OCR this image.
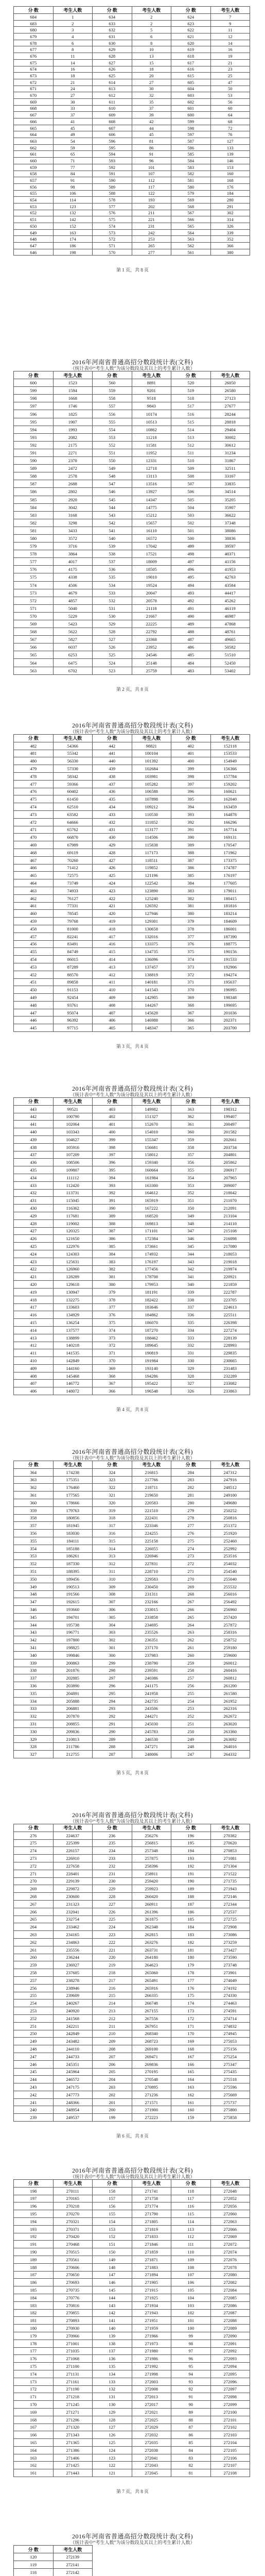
分 数	考生人数	分 数	考生人数	分 数	考生人数
684	1	634	2	624	7
683	2	633	2	623	9
680	3	632	5	622	11
679	4	631	6	621	12
678	6	630	8	620	14
677	8	629	10	619	16
676	11	628	13	618	19
675	14	627	15	617	21
674	16	626	18	616	23
673	18	625	20	615	25
672	21	614	27	605	47
671	24	613	30	604	50
670	27	612	32	603	53
669	30	611	35	602	56
668	33	610	37	601	60
667	37	609	39	600	64
666	41	608	42	599	68
665	45	607	44	598	72
664	49	606	45	597	76
663	54	596	81	587	127
662	59	595	86	586	133
661	65	594	91	585	139
660	71	593	96	584	146
659	77	592	101	583	153
658	84	591	107	582	160
657	91	590	112	581	168
656	98	589	117	580	176
655	106	588	122	579	184
654	114	578	193	569	280
653	123	577	202	568	291
652	132	576	211	567	302
651	142	575	221	566	314
650	152	574	231	565	326
649	163	573	242	564	339
648	174	572	253	563	352
647	186	571	265	562	366
646	198	570	277	561	380
第 1 页，共 8 页
2016年河南省普通高招分数段统计表(文科)
（统计表中“考生人数”为该分数段及其以上的考生累计人数）
分 数	考生人数	分 数	考生人数	分 数	考生人数
600	1523	560	8891	520	26050
599	1594	559	9201	519	26580
598	1668	558	9518	518	27123
597	1746	557	9843	517	27677
596	1825	556	10174	516	28244
595	1907	555	10513	515	28818
594	1993	554	10862	514	29404
593	2082	553	11218	513	30002
592	2175	552	11581	512	30612
591	2271	551	11952	511	31234
590	2370	550	12331	510	31867
589	2472	549	12718	509	32511
588	2578	548	13113	508	33167
587	2688	547	13516	507	33835
586	2802	546	13927	506	34514
585	2920	545	14347	505	35205
584	3042	544	14775	504	35907
583	3168	543	15212	503	36622
582	3298	542	15657	502	37348
581	3433	541	16110	501	38086
580	3572	540	16572	500	38836
579	3716	539	17042	499	39597
578	3864	538	17521	498	40371
577	4017	537	18009	497	41156
576	4175	536	18505	496	41953
575	4338	535	19010	495	42763
574	4506	534	19524	494	43584
573	4679	533	20047	493	44417
572	4857	532	20578	492	45262
571	5040	531	21118	491	46119
570	5229	530	21667	490	46987
569	5423	529	22225	489	47868
568	5622	528	22792	488	48761
567	5827	527	23368	487	49665
566	6037	526	23952	486	50582
565	6253	525	24546	485	51510
564	6475	524	25148	484	52450
563	6702	523	25759	483	53402
第 2 页，共 8 页
2016年河南省普通高招分数段统计表(文科)
（统计表中“考生人数”为该分数段及其以上的考生累计人数）
分 数	考生人数	分 数	考生人数	分 数	考生人数
482	54366	442	98821	402	152118
481	55342	441	100104	401	153533
480	56330	440	101392	400	154949
479	57330	439	102684	399	156366
478	58342	438	103981	398	157784
477	59366	437	105282	397	159202
476	60402	436	106588	396	160621
475	61450	435	107898	395	162040
474	62510	434	109212	394	163459
473	63582	433	110530	393	164878
472	64666	432	111852	392	166296
471	65762	431	113177	391	167714
470	66870	430	114506	390	169131
469	67989	429	115838	389	170547
468	69119	428	117173	388	171962
467	70260	427	118511	387	173375
466	71412	426	119852	386	174787
465	72575	425	121196	385	176197
464	73749	424	122542	384	177605
463	74933	423	123890	383	179011
462	76127	422	125240	382	180415
461	77331	421	126592	381	181816
460	78545	420	127946	380	183214
459	79768	419	129301	379	184609
458	81000	418	130658	378	186001
457	82241	417	132016	377	187390
456	83491	416	133375	376	188775
455	84749	415	134735	375	190156
454	86015	414	136096	374	191533
453	87289	413	137457	373	192906
452	88570	412	138819	372	194274
451	89858	411	140181	371	195637
450	91153	410	141543	370	196995
449	92454	409	142905	369	198348
448	93761	408	144267	368	199695
447	95074	407	145628	367	201036
446	96392	406	146988	366	202371
445	97715	405	148347	365	203700
第 3 页，共 8 页
2016年河南省普通高招分数段统计表(文科)
（统计表中“考生人数”为该分数段及其以上的考生累计人数）
分 数	考生人数	分 数	考生人数	分 数	考生人数
443	99521	403	149982	363	198312
442	100790	402	151327	362	199407
441	102064	401	152670	361	200497
440	103343	400	154010	360	201582
439	104627	399	155347	359	202661
438	105916	398	156681	358	203734
437	107209	397	158012	357	204801
436	108506	396	159340	356	205862
435	109807	395	160664	355	206917
434	111112	394	161984	354	207965
433	112420	393	163300	353	209007
432	113731	392	164612	352	210042
431	115045	391	165919	351	211070
430	116362	390	167222	350	212091
429	117681	389	168520	349	213104
428	119002	388	169813	348	214110
427	120325	387	171101	347	215108
426	121650	386	172384	346	216098
425	122976	385	173661	345	217080
424	124303	384	174932	344	218053
423	125631	383	176197	343	219018
422	126960	382	177456	342	219974
421	128289	381	178708	341	220921
420	129618	380	179953	340	221859
419	130947	379	181191	339	222787
418	132275	378	182422	338	223705
417	133603	377	183646	337	224613
416	134929	376	184862	336	225511
415	136254	375	186070	335	226398
414	137577	374	187270	334	227274
413	138899	373	188462	333	228139
412	140218	372	189645	332	228993
411	141535	371	190819	331	229835
410	142849	370	191984	330	230665
409	144160	369	193140	329	231483
408	145468	368	194286	328	232289
407	146772	367	195422	327	233082
406	148072	366	196548	326	233863
第 4 页，共 8 页
2016年河南省普通高招分数段统计表(文科)
（统计表中“考生人数”为该分数段及其以上的考生累计人数）
分 数	考生人数	分 数	考生人数	分 数	考生人数
364	174238	324	216815	284	247312
363	175351	323	217766	283	247916
362	176460	322	218711	282	248512
361	177565	321	219650	281	249100
360	178666	320	220583	280	249680
359	179763	319	221510	279	250252
358	180856	318	222431	278	250816
357	181945	317	223346	277	251372
356	183030	316	224255	276	251920
355	184111	315	225158	275	252460
354	185188	314	226055	274	252992
353	186261	313	226946	273	253516
352	187330	312	227831	272	254032
351	188395	311	228710	271	254540
350	189456	310	229583	270	255040
349	190513	309	230450	269	255532
348	191566	308	231311	268	256016
347	192615	307	232166	267	256492
346	193660	306	233015	266	256960
345	194701	305	233858	265	257420
344	195738	304	234695	264	257872
343	196771	303	235526	263	258316
342	197800	302	236351	262	258752
341	198825	301	237170	261	259180
340	199846	300	237983	260	259600
339	200863	299	238790	259	260012
338	201876	298	239591	258	260416
337	202885	297	240386	257	260812
336	203890	296	241175	256	261200
335	204891	295	241958	255	261580
334	205888	294	242735	254	261952
333	206881	293	243506	253	262316
332	207870	292	244271	252	262672
331	208855	291	245030	251	263020
330	209836	290	245783	250	263360
329	210813	289	246530	249	263692
328	211786	288	247271	248	264016
327	212755	287	248006	247	264332
第 5 页，共 8 页
2016年河南省普通高招分数段统计表(文科)
（统计表中“考生人数”为该分数段及其以上的考生累计人数）
分 数	考生人数	分 数	考生人数	分 数	考生人数
276	224637	236	256276	196	270382
275	225399	235	256815	195	270620
274	226157	234	257348	194	270853
273	226910	233	257875	193	271081
272	227658	232	258396	192	271304
271	228401	231	258911	191	271522
270	229139	230	259420	190	271735
269	229872	229	259923	189	271943
268	230600	228	260420	188	272146
267	231323	227	260911	187	272344
266	232041	226	261396	186	272537
265	232754	225	261875	185	272725
264	233462	224	262348	184	272908
263	234165	223	262815	183	273086
262	234863	222	263276	182	273259
261	235556	221	263731	181	273427
260	236244	220	264180	180	273590
259	236927	219	264623	179	273748
258	237605	218	265060	178	273901
257	238278	217	265491	177	274049
256	238946	216	265916	176	274192
255	239609	215	266335	175	274330
254	240267	214	266748	174	274463
253	240920	213	267155	173	274591
252	241568	212	267556	172	274714
251	242211	211	267951	171	274832
250	242849	210	268340	170	274945
249	243482	209	268723	169	275053
248	244110	208	269100	168	275156
247	244733	207	269471	167	275254
246	245351	206	269836	166	275347
245	245964	205	270195	165	275435
244	246572	204	270548	164	275518
243	247175	203	270895	163	275596
242	247773	202	271236	162	275669
241	248366	201	271571	161	275737
240	248954	200	271900	160	275800
239	249537	199	272223	159	275858
第 6 页，共 8 页
2016年河南省普通高招分数段统计表(文科)
（统计表中“考生人数”为该分数段及其以上的考生累计人数）
分 数	考生人数	分 数	考生人数	分 数	考生人数
198	270111	158	271741	118	272048
197	270165	157	271758	117	272052
196	270218	156	271774	116	272056
195	270270	155	271790	115	272060
194	270321	154	271805	114	272063
193	270371	153	271819	113	272066
192	270420	152	271833	112	272069
191	270468	151	271846	111	272072
190	270515	150	271859	110	272074
189	270561	149	271871	109	272076
188	270606	148	271883	108	272078
187	270650	147	271894	107	272080
186	270693	146	271905	106	272082
185	270735	145	271915	105	272084
184	270776	144	271925	104	272085
183	270816	143	271934	103	272086
182	270855	142	271943	102	272087
181	270893	141	271951	101	272088
180	270930	140	271959	100	272089
179	270966	139	271966	99	272090
178	271001	138	271973	98	272091
177	271035	137	271980	97	272092
176	271068	136	271986	96	272093
175	271100	135	271992	95	272094
174	271131	134	271998	94	272095
173	271161	133	272003	93	272096
172	271190	132	272008	92	272097
171	271218	131	272013	91	272098
170	271245	130	272017	90	272099
169	271271	129	272021	89	272100
168	271296	128	272025	88	272101
167	271320	127	272029	87	272102
166	271343	126	272032	86	272103
165	271365	125	272035	85	272104
164	271386	124	272038	84	272105
163	271406	123	272041	83	272106
162	271425	122	272043	82	272107
161	271443	121	272045	81	272108
第 7 页，共 8 页
2016年河南省普通高招分数段统计表(文科)
（统计表中“考生人数”为该分数段及其以上的考生累计人数）
分 数	考生人数				
120	272139				
119	272141				
118	272142				
